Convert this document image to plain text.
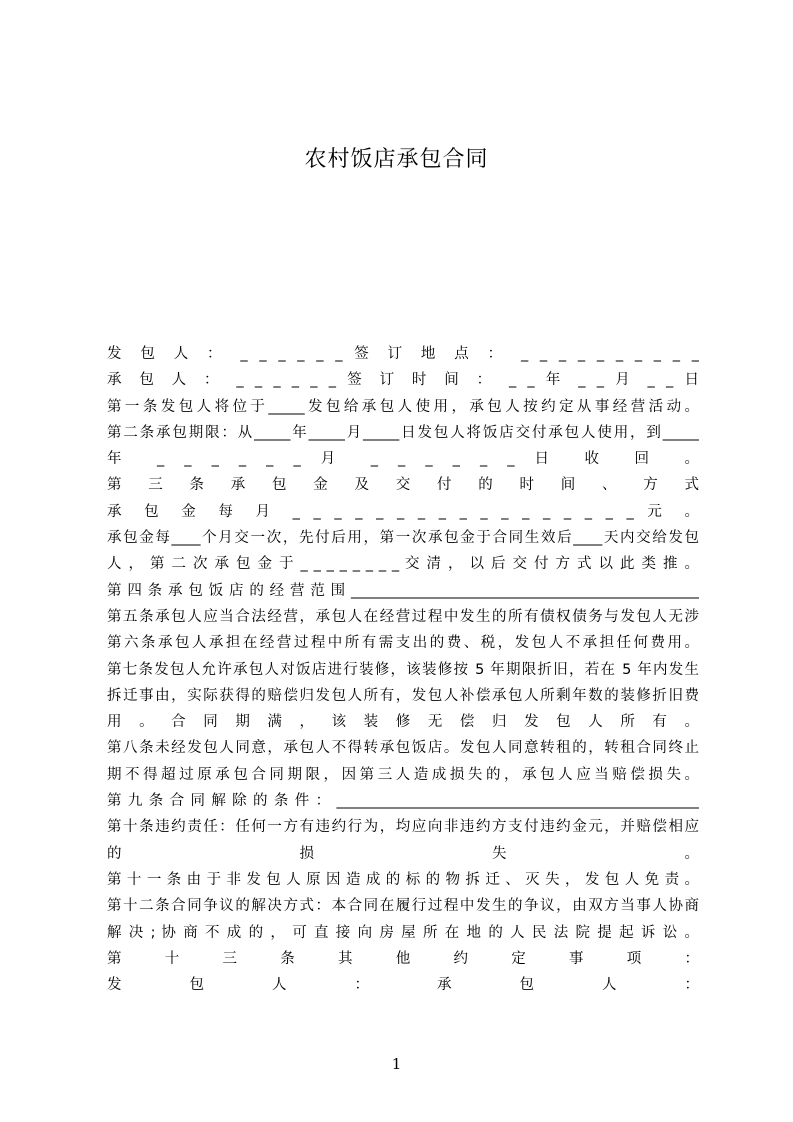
农村饭店承包合同
发 包 人 ： _ _ _ _ _ _ 签 订 地 点 ： _ _ _ _ _ _ _ _ _ _
承 包 人 ： _ _ _ _ _ _ 签 订 时 间 ： _ _ 年 _ _ 月 _ _ 日
第一条发包人将位于_____发包给承包人使用，承包人按约定从事经营活动。
第二条承包期限：从_____年_____月_____日发包人将饭店交付承包人使用，到_____
年 _ _ _ _ _ _ 月 _ _ _ _ _ _ 日 收 回 。
第 三 条 承 包 金 及 交 付 的 时 间 、 方 式
承 包 金 每 月 _ _ _ _ _ _ _ _ _ _ _ _ _ _ _ _ _ 元 。
承包金每____个月交一次，先付后用，第一次承包金于合同生效后____天内交给发包
人 ， 第 二 次 承 包 金 于 _ _ _ _ _ _ _ _ 交 清 ， 以 后 交 付 方 式 以 此 类 推 。
第四条承包饭店的经营范围________________________________________________
第五条承包人应当合法经营，承包人在经营过程中发生的所有债权债务与发包人无涉
第六条承包人承担在经营过程中所有需支出的费、税，发包人不承担任何费用。
第七条发包人允许承包人对饭店进行装修，该装修按 5 年期限折旧，若在 5 年内发生
拆迁事由，实际获得的赔偿归发包人所有，发包人补偿承包人所剩年数的装修折旧费
用 。 合 同 期 满 ， 该 装 修 无 偿 归 发 包 人 所 有 。
第八条未经发包人同意，承包人不得转承包饭店。发包人同意转租的，转租合同终止
期不得超过原承包合同期限，因第三人造成损失的，承包人应当赔偿损失。
第九条合同解除的条件：__________________________________________________
第十条违约责任：任何一方有违约行为，均应向非违约方支付违约金元，并赔偿相应
的 损 失 。
第 十 一 条 由 于 非 发 包 人 原 因 造 成 的 标 的 物 拆 迁 、 灭 失 ， 发 包 人 免 责 。
第十二条合同争议的解决方式：本合同在履行过程中发生的争议，由双方当事人协商
解 决 ; 协 商 不 成 的 ， 可 直 接 向 房 屋 所 在 地 的 人 民 法 院 提 起 诉 讼 。
第 十 三 条 其 他 约 定 事 项 ：
发 包 人 ： 承 包 人 ：
1
